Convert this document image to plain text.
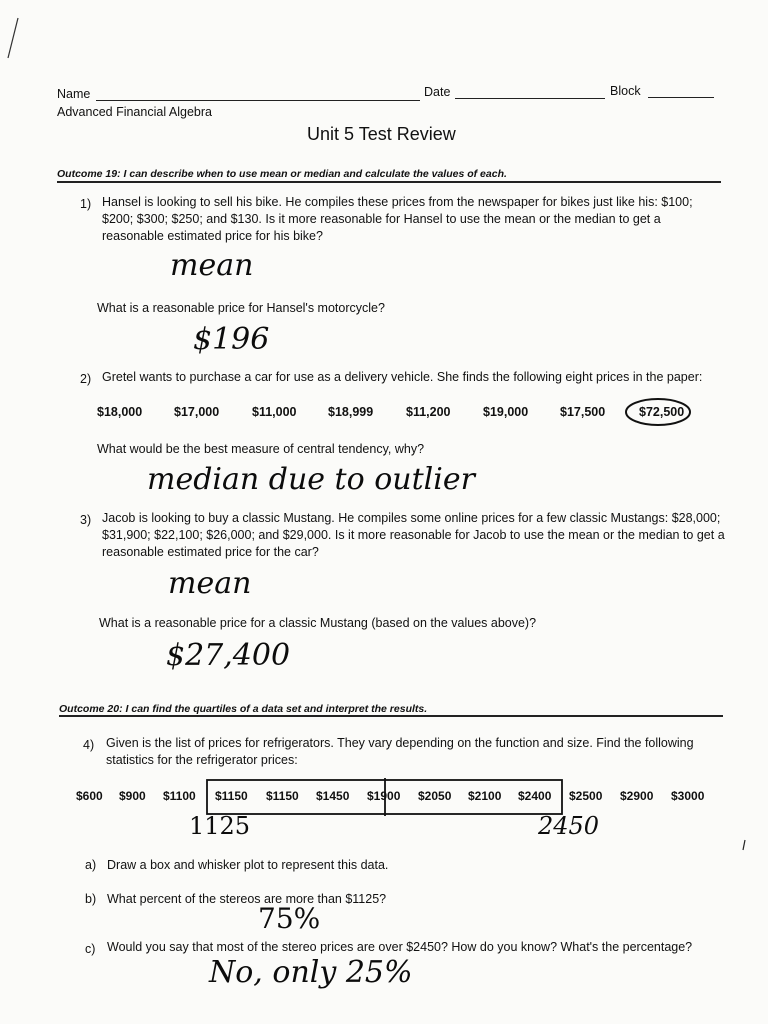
Name	Date	Block
Advanced Financial Algebra
Unit 5 Test Review
Outcome 19: I can describe when to use mean or median and calculate the values of each.
1) Hansel is looking to sell his bike. He compiles these prices from the newspaper for bikes just like his: $100; $200; $300; $250; and $130. Is it more reasonable for Hansel to use the mean or the median to get a reasonable estimated price for his bike?
mean
What is a reasonable price for Hansel's motorcycle?
$196
2) Gretel wants to purchase a car for use as a delivery vehicle. She finds the following eight prices in the paper:
$18,000	$17,000	$11,000	$18,999	$11,200	$19,000	$17,500	$72,500
What would be the best measure of central tendency, why?
median due to outlier
3) Jacob is looking to buy a classic Mustang. He compiles some online prices for a few classic Mustangs: $28,000; $31,900; $22,100; $26,000; and $29,000. Is it more reasonable for Jacob to use the mean or the median to get a reasonable estimated price for the car?
mean
What is a reasonable price for a classic Mustang (based on the values above)?
$27,400
Outcome 20: I can find the quartiles of a data set and interpret the results.
4) Given is the list of prices for refrigerators. They vary depending on the function and size. Find the following statistics for the refrigerator prices:
$600 $900 $1100 $1150 $1150 $1450 $1900 $2050 $2100 $2400 $2500 $2900 $3000
1125	2450
a) Draw a box and whisker plot to represent this data.
b) What percent of the stereos are more than $1125?
75%
c) Would you say that most of the stereo prices are over $2450? How do you know? What's the percentage?
No, only 25%
